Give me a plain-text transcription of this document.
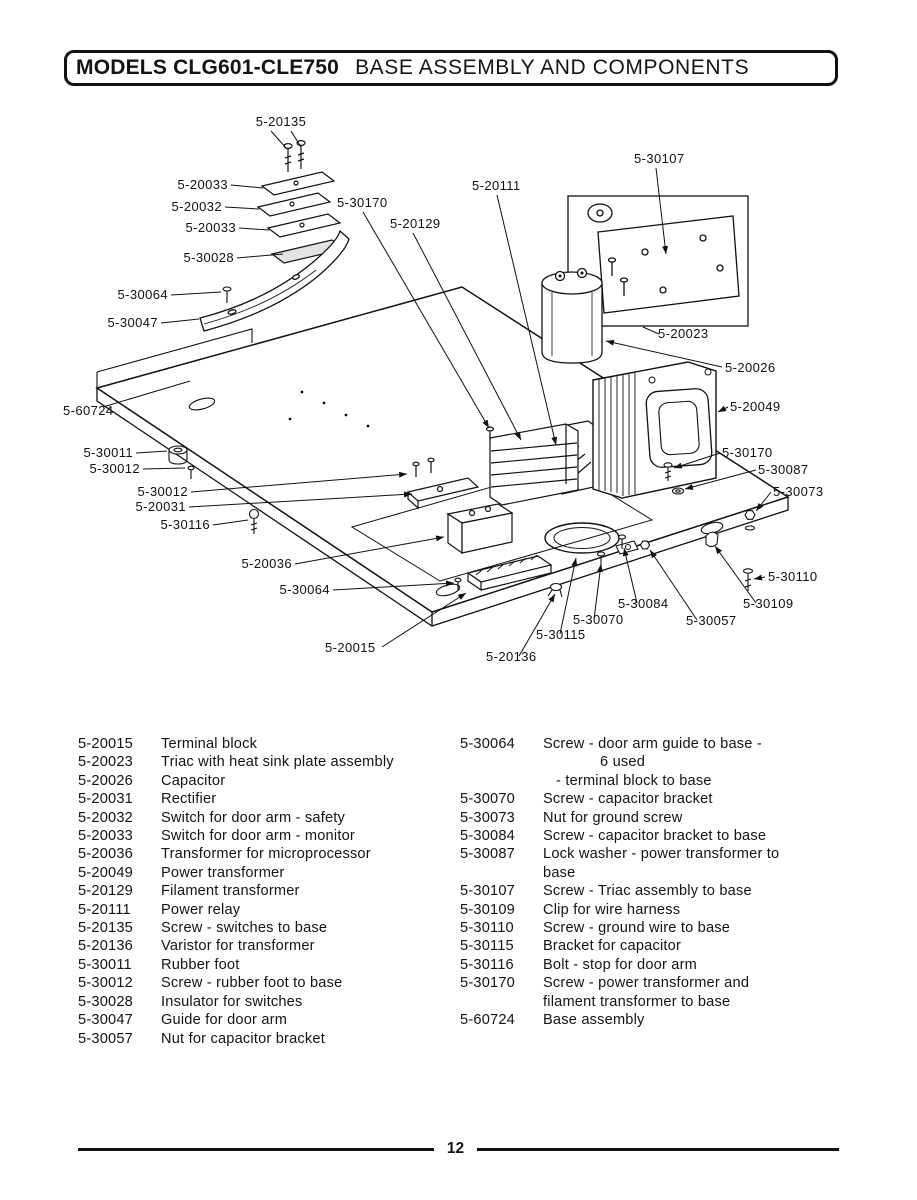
MODELS CLG601-CLE750 BASE ASSEMBLY AND COMPONENTS
5-20135
5-20033
5-20032
5-20033
5-30028
5-30170
5-20129
5-20111
5-30107
5-20023
5-20026
5-20049
5-30064
5-30047
5-60724
5-30011
5-30012
5-30012
5-20031
5-30116
5-30170
5-30087
5-30073
5-20036
5-30064
5-30110
5-30109
5-30084
5-30057
5-30070
5-20015
5-30115
5-20136
5-20015	Terminal block
5-20023	Triac with heat sink plate assembly
5-20026	Capacitor
5-20031	Rectifier
5-20032	Switch for door arm - safety
5-20033	Switch for door arm - monitor
5-20036	Transformer for microprocessor
5-20049	Power transformer
5-20129	Filament transformer
5-20111	Power relay
5-20135	Screw - switches to base
5-20136	Varistor for transformer
5-30011	Rubber foot
5-30012	Screw - rubber foot to base
5-30028	Insulator for switches
5-30047	Guide for door arm
5-30057	Nut for capacitor bracket
5-30064	Screw - door arm guide to base -
6 used
- terminal block to base
5-30070	Screw - capacitor bracket
5-30073	Nut for ground screw
5-30084	Screw - capacitor bracket to base
5-30087	Lock washer - power transformer to
base
5-30107	Screw - Triac assembly to base
5-30109	Clip for wire harness
5-30110	Screw - ground wire to base
5-30115	Bracket for capacitor
5-30116	Bolt - stop for door arm
5-30170	Screw - power transformer and
filament transformer to base
5-60724	Base assembly
12
